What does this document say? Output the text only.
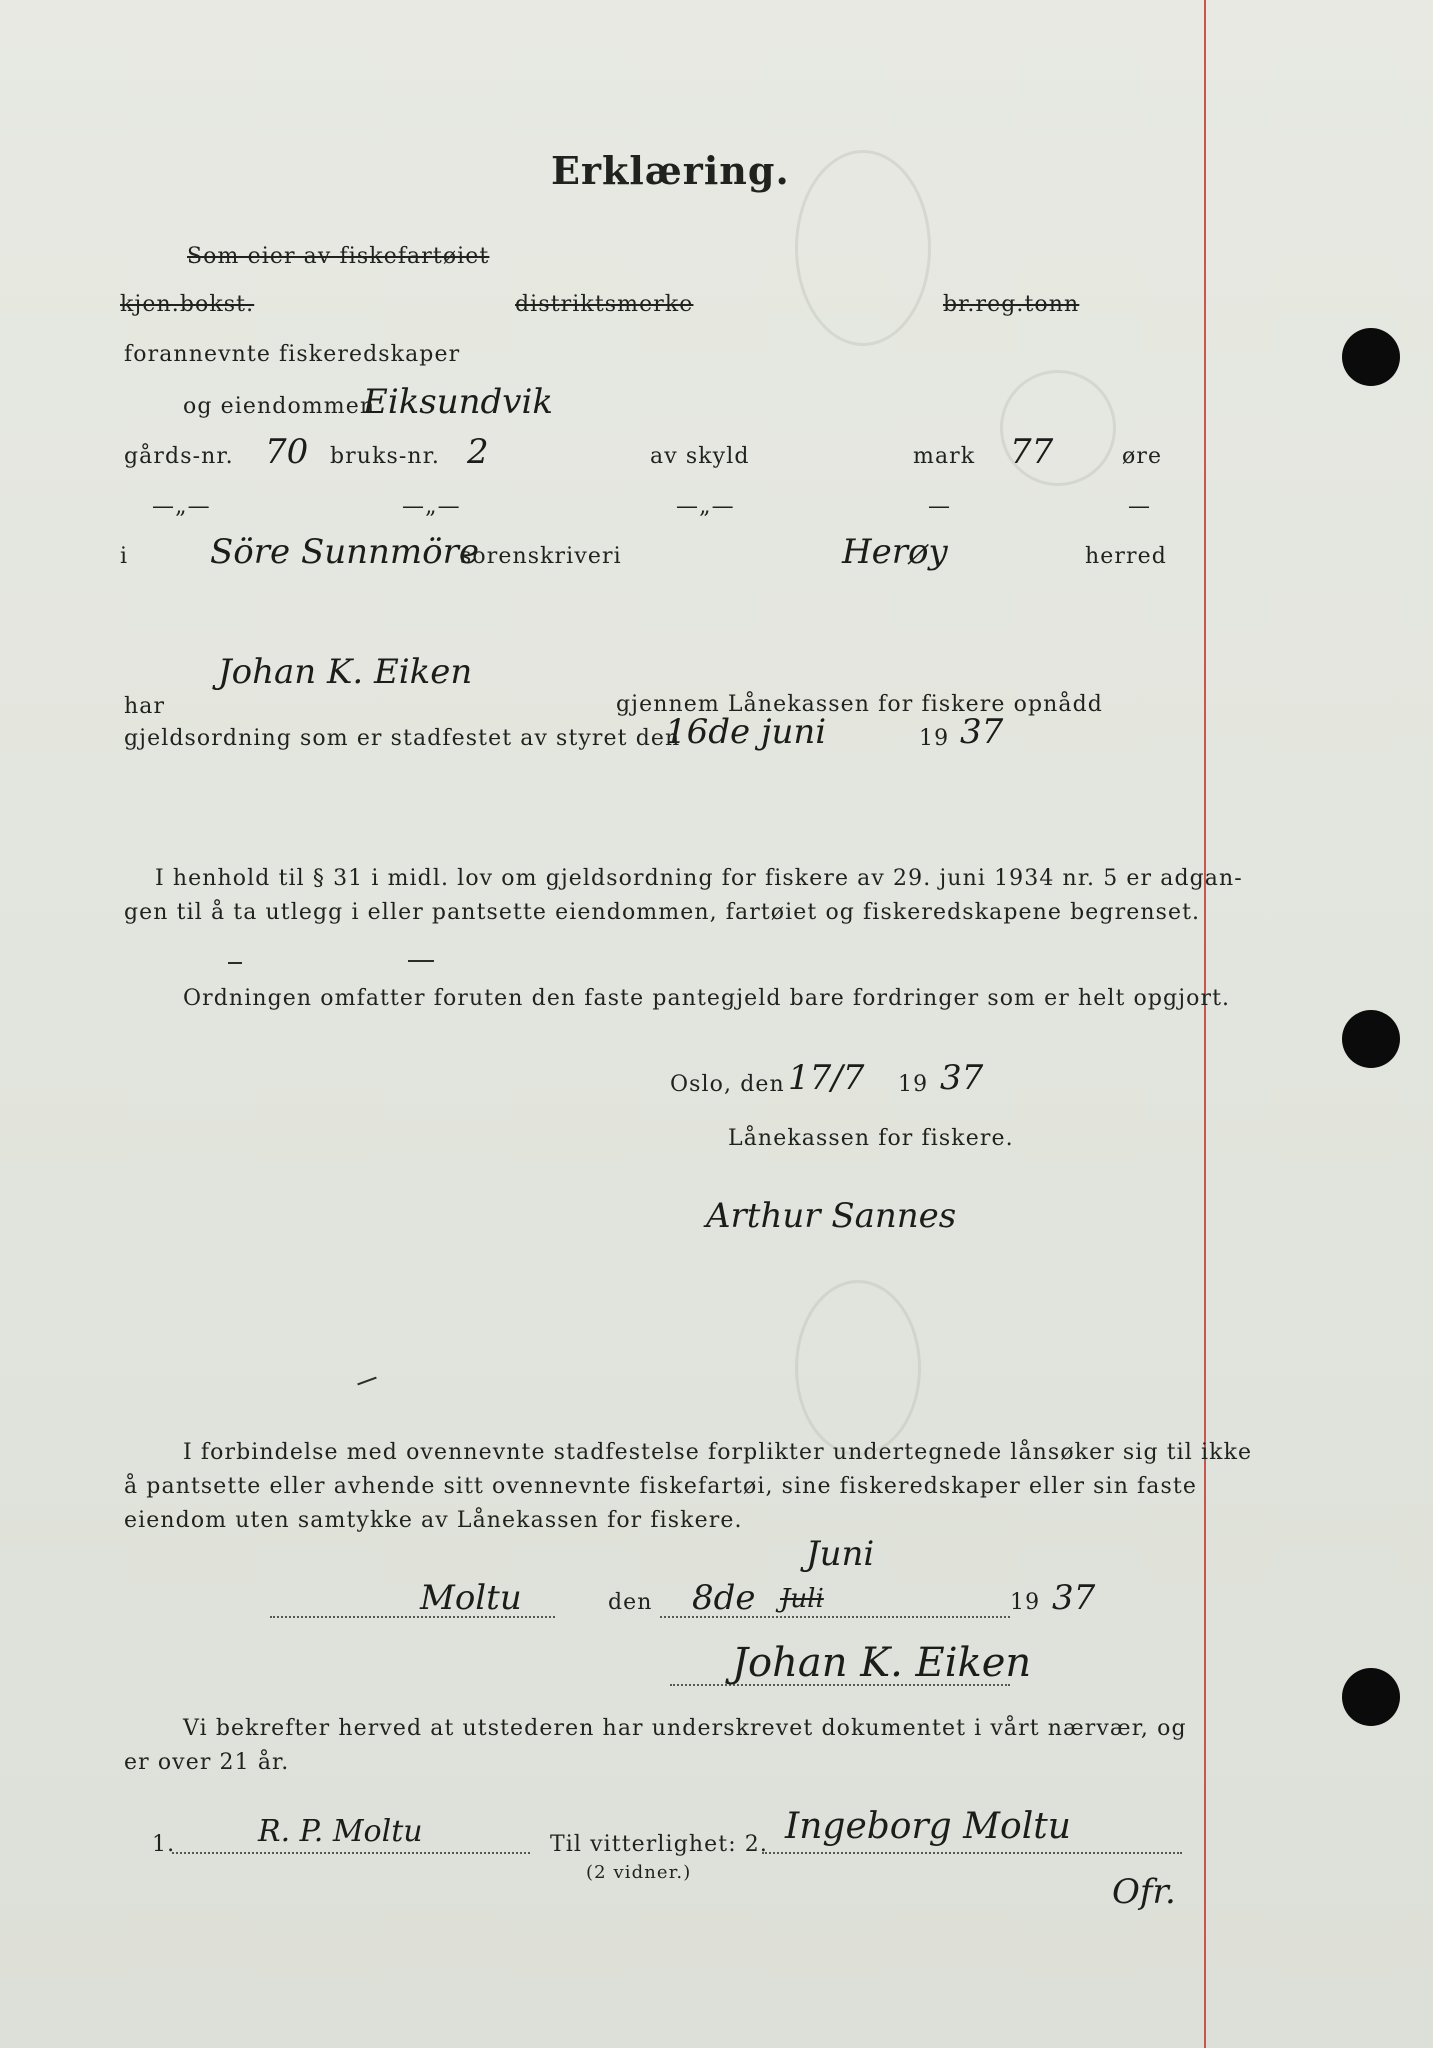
Erklæring.
Som eier av fiskefartøiet
kjen.bokst.	distriktsmerke	br.reg.tonn
forannevnte fiskeredskaper
og eiendommen
Eiksundvik
gårds-nr. 70 bruks-nr. 2	av skyld	mark 77	øre
—„—	—„—	—„—	—	—
i Söre Sunnmöre
sorenskriveri	Herøy	herred
Johan K. Eiken
har	gjennem Lånekassen for fiskere opnådd
gjeldsordning som er stadfestet av styret den
16de juni	19 37
I henhold til § 31 i midl. lov om gjeldsordning for fiskere av 29. juni 1934 nr. 5 er adgan-
gen til å ta utlegg i eller pantsette eiendommen, fartøiet og fiskeredskapene begrenset.
Ordningen omfatter foruten den faste pantegjeld bare fordringer som er helt opgjort.
Oslo, den 17/7 19 37
Lånekassen for fiskere.
Arthur Sannes
I forbindelse med ovennevnte stadfestelse forplikter undertegnede lånsøker sig til ikke
å pantsette eller avhende sitt ovennevnte fiskefartøi, sine fiskeredskaper eller sin faste
eiendom uten samtykke av Lånekassen for fiskere.
Moltu	den 8de Juli
Juni
19 37
Johan K. Eiken
Vi bekrefter herved at utstederen har underskrevet dokumentet i vårt nærvær, og
er over 21 år.
1.	R. P. Moltu	Til vitterlighet: 2.
(2 vidner.)
Ingeborg Moltu
Ofr.
